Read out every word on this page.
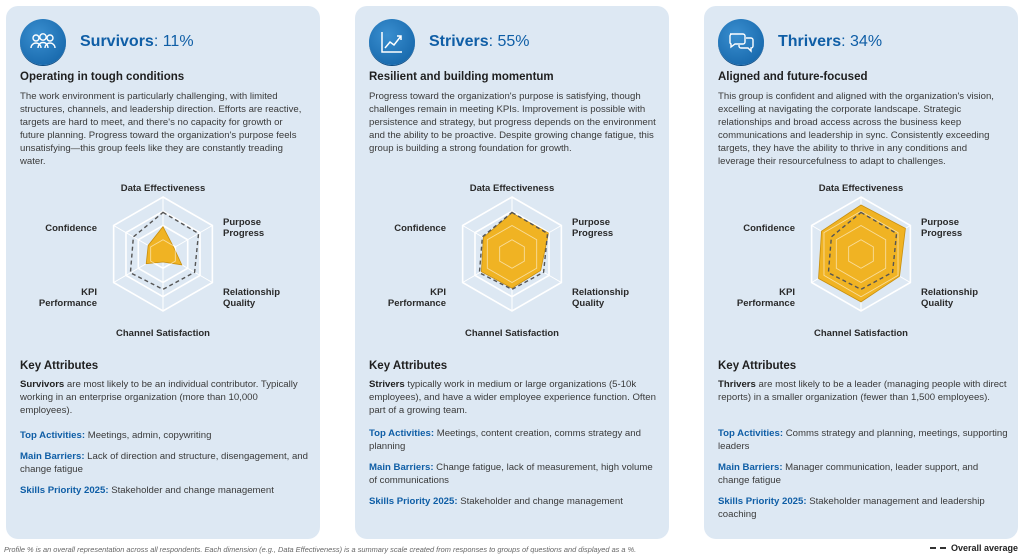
Survivors: 11%
Operating in tough conditions
The work environment is particularly challenging, with limited structures, channels, and leadership direction. Efforts are reactive, targets are hard to meet, and there's no capacity for growth or future planning. Progress toward the organization's purpose feels unsatisfying—this group feels like they are constantly treading water.
Data Effectiveness
Purpose Progress
Relationship Quality
Channel Satisfaction
KPI Performance
Confidence
Key Attributes
Survivors are most likely to be an individual contributor. Typically working in an enterprise organization (more than 10,000 employees).
Top Activities: Meetings, admin, copywriting
Main Barriers: Lack of direction and structure, disengagement, and change fatigue
Skills Priority 2025: Stakeholder and change management
Strivers: 55%
Resilient and building momentum
Progress toward the organization's purpose is satisfying, though challenges remain in meeting KPIs. Improvement is possible with persistence and strategy, but progress depends on the environment and the ability to be proactive. Despite growing change fatigue, this group is building a strong foundation for growth.
Data Effectiveness
Purpose Progress
Relationship Quality
Channel Satisfaction
KPI Performance
Confidence
Key Attributes
Strivers typically work in medium or large organizations (5-10k employees), and have a wider employee experience function. Often part of a growing team.
Top Activities: Meetings, content creation, comms strategy and planning
Main Barriers: Change fatigue, lack of measurement, high volume of communications
Skills Priority 2025: Stakeholder and change management
Thrivers: 34%
Aligned and future-focused
This group is confident and aligned with the organization's vision, excelling at navigating the corporate landscape. Strategic relationships and broad access across the business keep communications and leadership in sync. Consistently exceeding targets, they have the ability to thrive in any conditions and leverage their resourcefulness to adapt to challenges.
Data Effectiveness
Purpose Progress
Relationship Quality
Channel Satisfaction
KPI Performance
Confidence
Key Attributes
Thrivers are most likely to be a leader (managing people with direct reports) in a smaller organization (fewer than 1,500 employees).
Top Activities: Comms strategy and planning, meetings, supporting leaders
Main Barriers: Manager communication, leader support, and change fatigue
Skills Priority 2025: Stakeholder management and leadership coaching
Profile % is an overall representation across all respondents. Each dimension (e.g., Data Effectiveness) is a summary scale created from responses to groups of questions and displayed as a %.	Overall average
